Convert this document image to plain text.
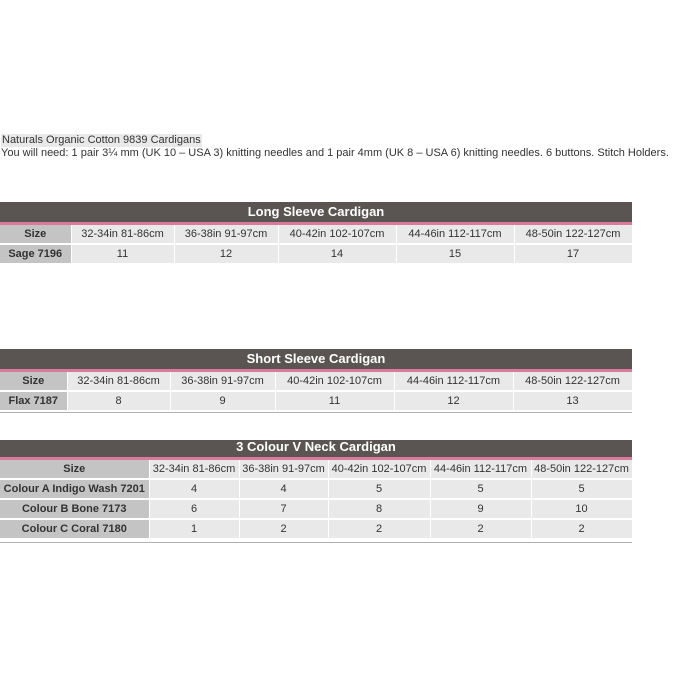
Naturals Organic Cotton 9839 Cardigans
You will need: 1 pair 3¼ mm (UK 10 – USA 3) knitting needles and 1 pair 4mm (UK 8 – USA 6) knitting needles. 6 buttons. Stitch Holders.
Long Sleeve Cardigan
Size	32-34in 81-86cm	36-38in 91-97cm	40-42in 102-107cm	44-46in 112-117cm	48-50in 122-127cm
Sage 7196	11	12	14	15	17
Short Sleeve Cardigan
Size	32-34in 81-86cm	36-38in 91-97cm	40-42in 102-107cm	44-46in 112-117cm	48-50in 122-127cm
Flax 7187	8	9	11	12	13
3 Colour V Neck Cardigan
Size	32-34in 81-86cm	36-38in 91-97cm	40-42in 102-107cm	44-46in 112-117cm	48-50in 122-127cm
Colour A Indigo Wash 7201	4	4	5	5	5
Colour B Bone 7173	6	7	8	9	10
Colour C Coral 7180	1	2	2	2	2
